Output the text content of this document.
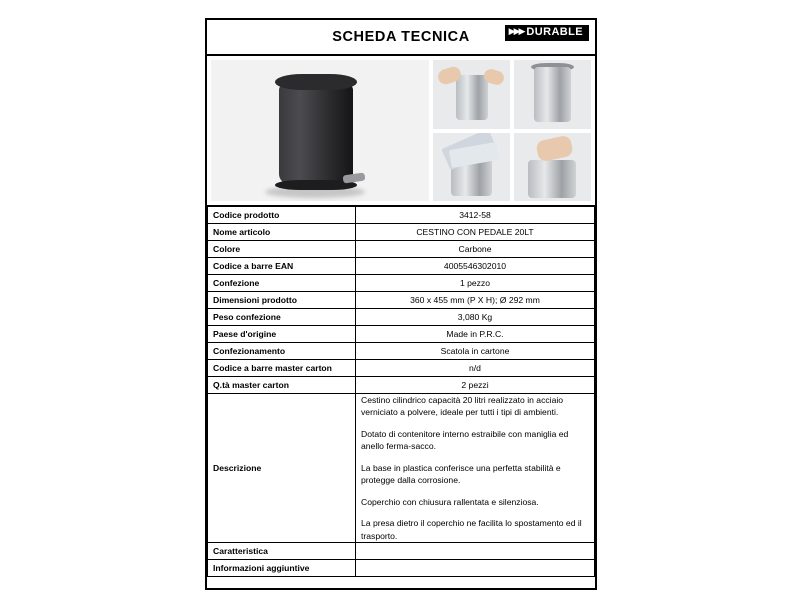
SCHEDA TECNICA	▶▶▶ DURABLE
Codice prodotto	3412-58
Nome articolo	CESTINO CON PEDALE 20LT
Colore	Carbone
Codice a barre EAN	4005546302010
Confezione	1 pezzo
Dimensioni prodotto	360 x 455 mm (P X H); Ø 292 mm
Peso confezione	3,080 Kg
Paese d'origine	Made in P.R.C.
Confezionamento	Scatola in cartone
Codice a barre master carton	n/d
Q.tà master carton	2 pezzi
Descrizione	Cestino cilindrico capacità 20 litri realizzato in acciaio verniciato a polvere, ideale per tutti i tipi di ambienti.

Dotato di contenitore interno estraibile con maniglia ed anello ferma-sacco.

La base in plastica conferisce una perfetta stabilità e protegge dalla corrosione.

Coperchio con chiusura rallentata e silenziosa.

La presa dietro il coperchio ne facilita lo spostamento ed il trasporto.

Caratteristica	
Informazioni aggiuntive	
